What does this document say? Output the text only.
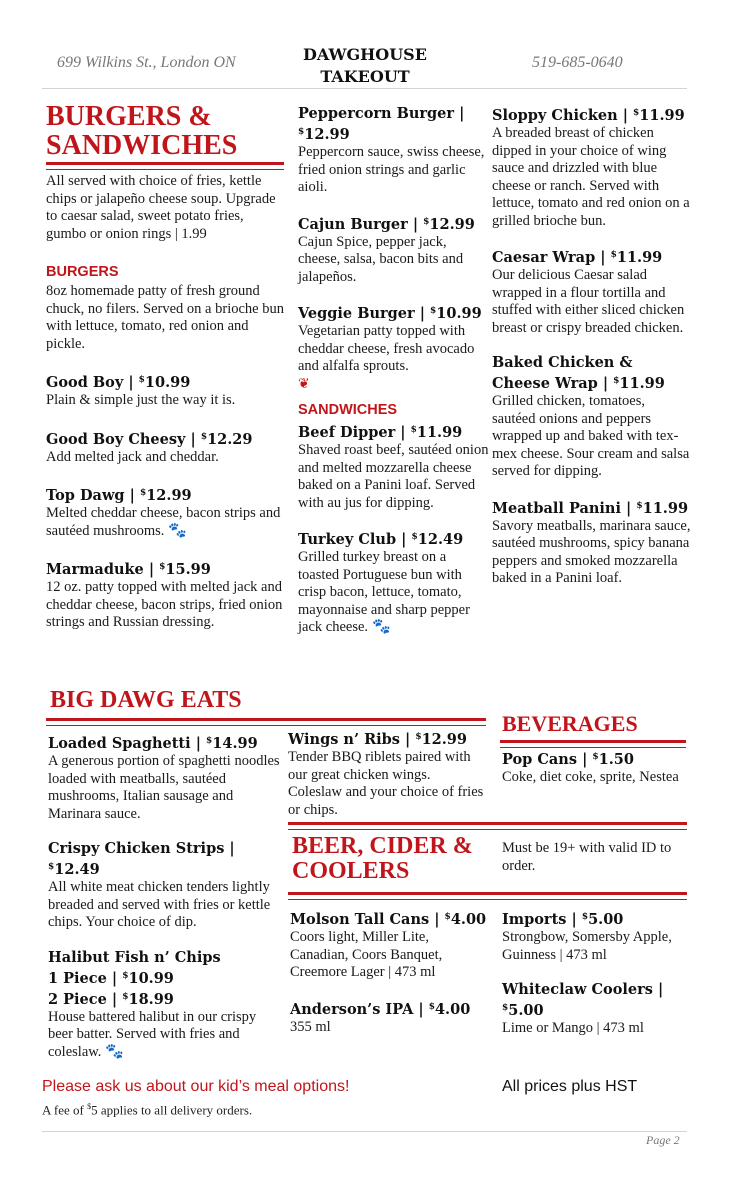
699 Wilkins St., London ON	DAWGHOUSE
TAKEOUT
519-685-0640
BURGERS &
SANDWICHES
All served with choice of fries, kettle chips or jalapeño cheese soup. Upgrade to caesar salad, sweet potato fries, gumbo or onion rings | 1.99
BURGERS
8oz homemade patty of fresh ground chuck, no filers. Served on a brioche bun with lettuce, tomato, red onion and pickle.
Good Boy | $10.99
Plain & simple just the way it is.
Good Boy Cheesy | $12.29
Add melted jack and cheddar.
Top Dawg | $12.99
Melted cheddar cheese, bacon strips and sautéed mushrooms. 🐾
Marmaduke | $15.99
12 oz. patty topped with melted jack and cheddar cheese, bacon strips, fried onion strings and Russian dressing.
Peppercorn Burger | $12.99
Peppercorn sauce, swiss cheese, fried onion strings and garlic aioli.
Cajun Burger | $12.99
Cajun Spice, pepper jack, cheese, salsa, bacon bits and jalapeños.
Veggie Burger | $10.99
Vegetarian patty topped with cheddar cheese, fresh avocado and alfalfa sprouts.
❦
SANDWICHES
Beef Dipper | $11.99
Shaved roast beef, sautéed onion and melted mozzarella cheese baked on a Panini loaf. Served with au jus for dipping.
Turkey Club | $12.49
Grilled turkey breast on a toasted Portuguese bun with crisp bacon, lettuce, tomato, mayonnaise and sharp pepper jack cheese. 🐾
Sloppy Chicken | $11.99
A breaded breast of chicken dipped in your choice of wing sauce and drizzled with blue cheese or ranch. Served with lettuce, tomato and red onion on a grilled brioche bun.
Caesar Wrap | $11.99
Our delicious Caesar salad wrapped in a flour tortilla and stuffed with either sliced chicken breast or crispy breaded chicken.
Baked Chicken & Cheese Wrap | $11.99
Grilled chicken, tomatoes, sautéed onions and peppers wrapped up and baked with tex-mex cheese. Sour cream and salsa served for dipping.
Meatball Panini | $11.99
Savory meatballs, marinara sauce, sautéed mushrooms, spicy banana peppers and smoked mozzarella baked in a Panini loaf.
BIG DAWG EATS
Loaded Spaghetti | $14.99
A generous portion of spaghetti noodles loaded with meatballs, sautéed mushrooms, Italian sausage and Marinara sauce.
Crispy Chicken Strips | $12.49
All white meat chicken tenders lightly breaded and served with fries or kettle chips. Your choice of dip.
Halibut Fish n’ Chips
1 Piece | $10.99
2 Piece | $18.99
House battered halibut in our crispy beer batter. Served with fries and coleslaw. 🐾
Wings n’ Ribs | $12.99
Tender BBQ riblets paired with our great chicken wings. Coleslaw and your choice of fries or chips.
BEVERAGES
Pop Cans | $1.50
Coke, diet coke, sprite, Nestea
BEER, CIDER &
COOLERS
Must be 19+ with valid ID to order.
Molson Tall Cans | $4.00
Coors light, Miller Lite, Canadian, Coors Banquet, Creemore Lager | 473 ml
Anderson’s IPA | $4.00
355 ml
Imports | $5.00
Strongbow, Somersby Apple, Guinness | 473 ml
Whiteclaw Coolers | $5.00
Lime or Mango | 473 ml
Please ask us about our kid’s meal options!
A fee of $5 applies to all delivery orders.
All prices plus HST
Page 2
